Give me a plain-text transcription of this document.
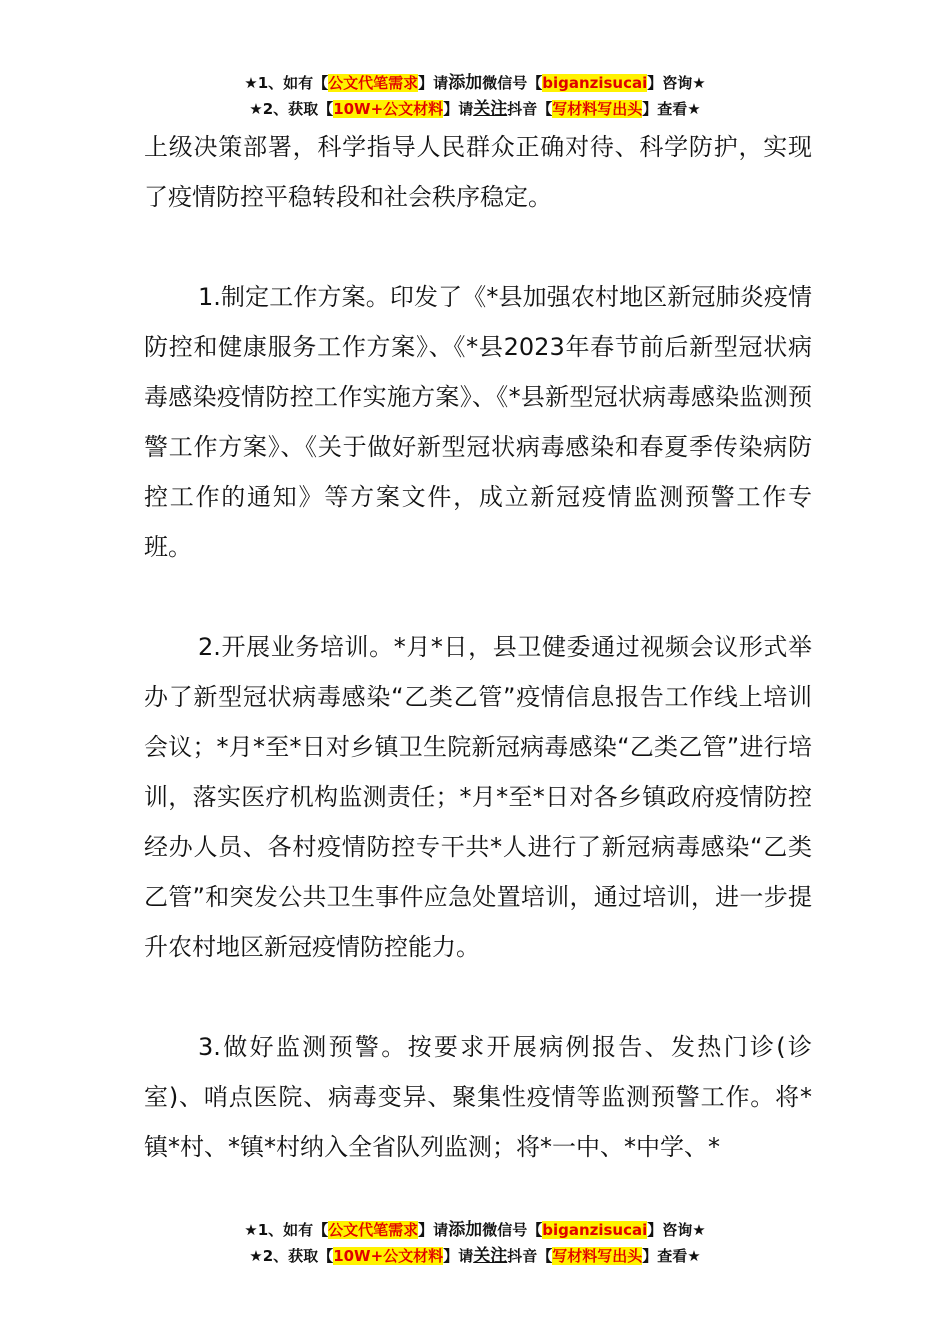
★1、如有【公文代笔需求】请添加微信号【biganzisucai】咨询★
★2、获取【10W+公文材料】请关注抖音【写材料写出头】查看★

上级决策部署，科学指导人民群众正确对待、科学防护，实现了疫情防控平稳转段和社会秩序稳定。

1.制定工作方案。印发了《*县加强农村地区新冠肺炎疫情防控和健康服务工作方案》、《*县2023年春节前后新型冠状病毒感染疫情防控工作实施方案》、《*县新型冠状病毒感染监测预警工作方案》、《关于做好新型冠状病毒感染和春夏季传染病防控工作的通知》等方案文件，成立新冠疫情监测预警工作专班。

2.开展业务培训。*月*日，县卫健委通过视频会议形式举办了新型冠状病毒感染“乙类乙管”疫情信息报告工作线上培训会议；*月*至*日对乡镇卫生院新冠病毒感染“乙类乙管”进行培训，落实医疗机构监测责任；*月*至*日对各乡镇政府疫情防控经办人员、各村疫情防控专干共*人进行了新冠病毒感染“乙类乙管”和突发公共卫生事件应急处置培训，通过培训，进一步提升农村地区新冠疫情防控能力。

3.做好监测预警。按要求开展病例报告、发热门诊(诊室)、哨点医院、病毒变异、聚集性疫情等监测预警工作。将*镇*村、*镇*村纳入全省队列监测；将*一中、*中学、*

★1、如有【公文代笔需求】请添加微信号【biganzisucai】咨询★
★2、获取【10W+公文材料】请关注抖音【写材料写出头】查看★
